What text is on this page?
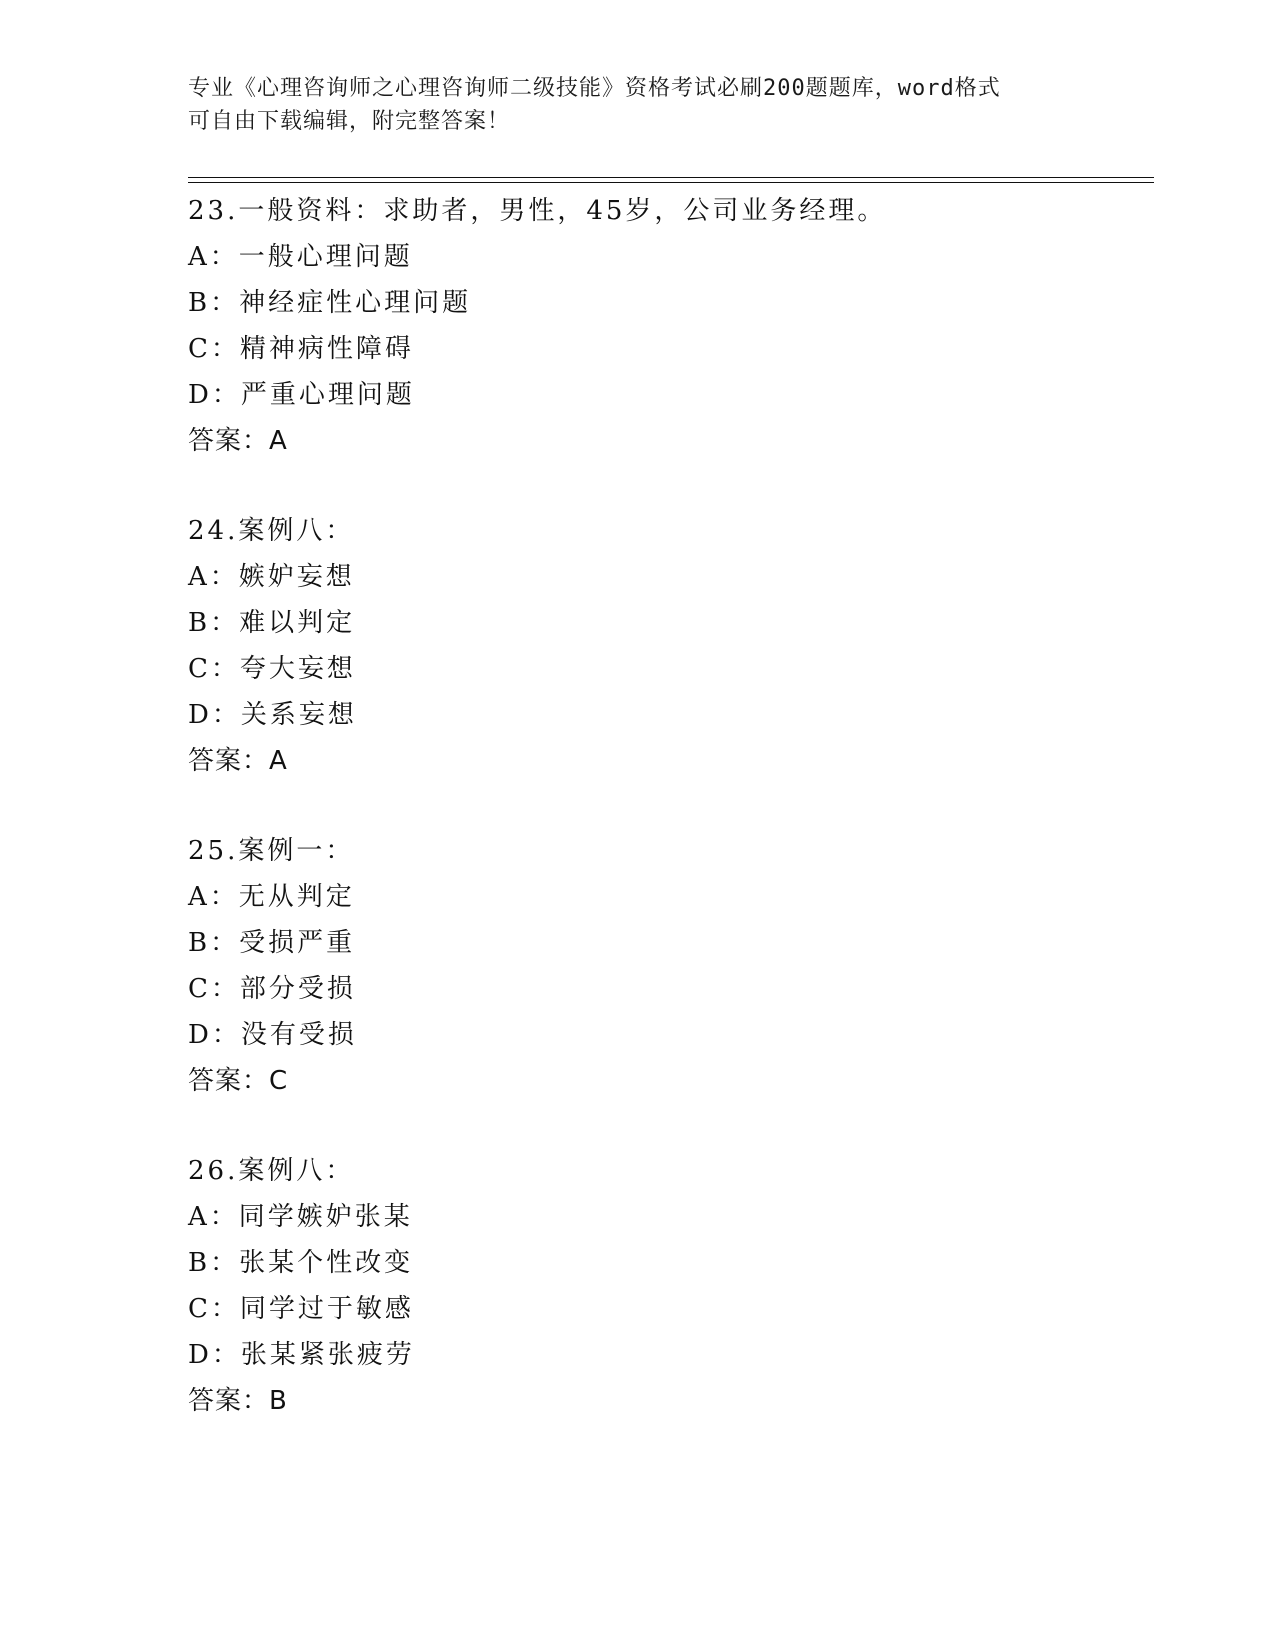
专业《心理咨询师之心理咨询师二级技能》资格考试必刷200题题库，word格式
可自由下载编辑，附完整答案！
23.一般资料：求助者，男性，45岁，公司业务经理。
A：一般心理问题
B：神经症性心理问题
C：精神病性障碍
D：严重心理问题
答案：A
24.案例八：
A：嫉妒妄想
B：难以判定
C：夸大妄想
D：关系妄想
答案：A
25.案例一：
A：无从判定
B：受损严重
C：部分受损
D：没有受损
答案：C
26.案例八：
A：同学嫉妒张某
B：张某个性改变
C：同学过于敏感
D：张某紧张疲劳
答案：B
